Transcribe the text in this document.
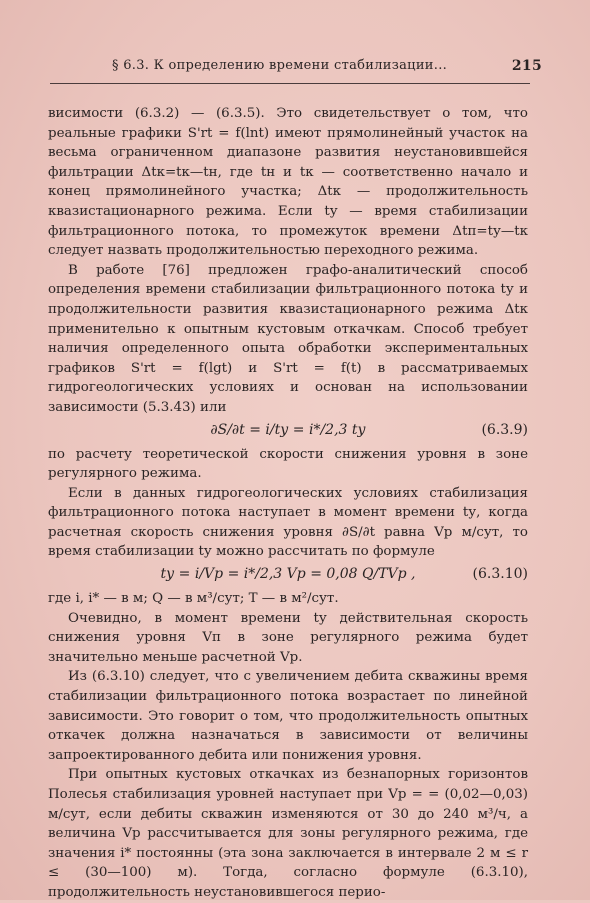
§ 6.3. К определению времени стабилизации...	215

висимости (6.3.2) — (6.3.5). Это свидетельствует о том, что реальные графики S'rt = f(lnt) имеют прямолинейный участок на весьма ограниченном диапазоне развития неустановившейся фильтрации Δtк=tк—tн, где tн и tк — соответственно начало и конец прямолинейного участка; Δtк — продолжительность квазистационарного режима. Если tу — время стабилизации фильтрационного потока, то промежуток времени Δtп=tу—tк следует назвать продолжительностью переходного режима.

В работе [76] предложен графо-аналитический способ определения времени стабилизации фильтрационного потока tу и продолжительности развития квазистационарного режима Δtк применительно к опытным кустовым откачкам. Способ требует наличия определенного опыта обработки экспериментальных графиков S'rt = f(lgt) и S'rt = f(t) в рассматриваемых гидрогеологических условиях и основан на использовании зависимости (5.3.43) или

∂S/∂t = i/tу = i*/2,3 tу	(6.3.9)

по расчету теоретической скорости снижения уровня в зоне регулярного режима.

Если в данных гидрогеологических условиях стабилизация фильтрационного потока наступает в момент времени tу, когда расчетная скорость снижения уровня ∂S/∂t равна Vр м/сут, то время стабилизации tу можно рассчитать по формуле

tу = i/Vр = i*/2,3 Vр = 0,08 Q/TVр ,	(6.3.10)

где i, i* — в м; Q — в м³/сут; T — в м²/сут.

Очевидно, в момент времени tу действительная скорость снижения уровня Vп в зоне регулярного режима будет значительно меньше расчетной Vр.

Из (6.3.10) следует, что с увеличением дебита скважины время стабилизации фильтрационного потока возрастает по линейной зависимости. Это говорит о том, что продолжительность опытных откачек должна назначаться в зависимости от величины запроектированного дебита или понижения уровня.

При опытных кустовых откачках из безнапорных горизонтов Полесья стабилизация уровней наступает при Vр = = (0,02—0,03) м/сут, если дебиты скважин изменяются от 30 до 240 м³/ч, а величина Vр рассчитывается для зоны регулярного режима, где значения i* постоянны (эта зона заключается в интервале 2 м ≤ r ≤ (30—100) м). Тогда, согласно формуле (6.3.10), продолжительность неустановившегося перио-
